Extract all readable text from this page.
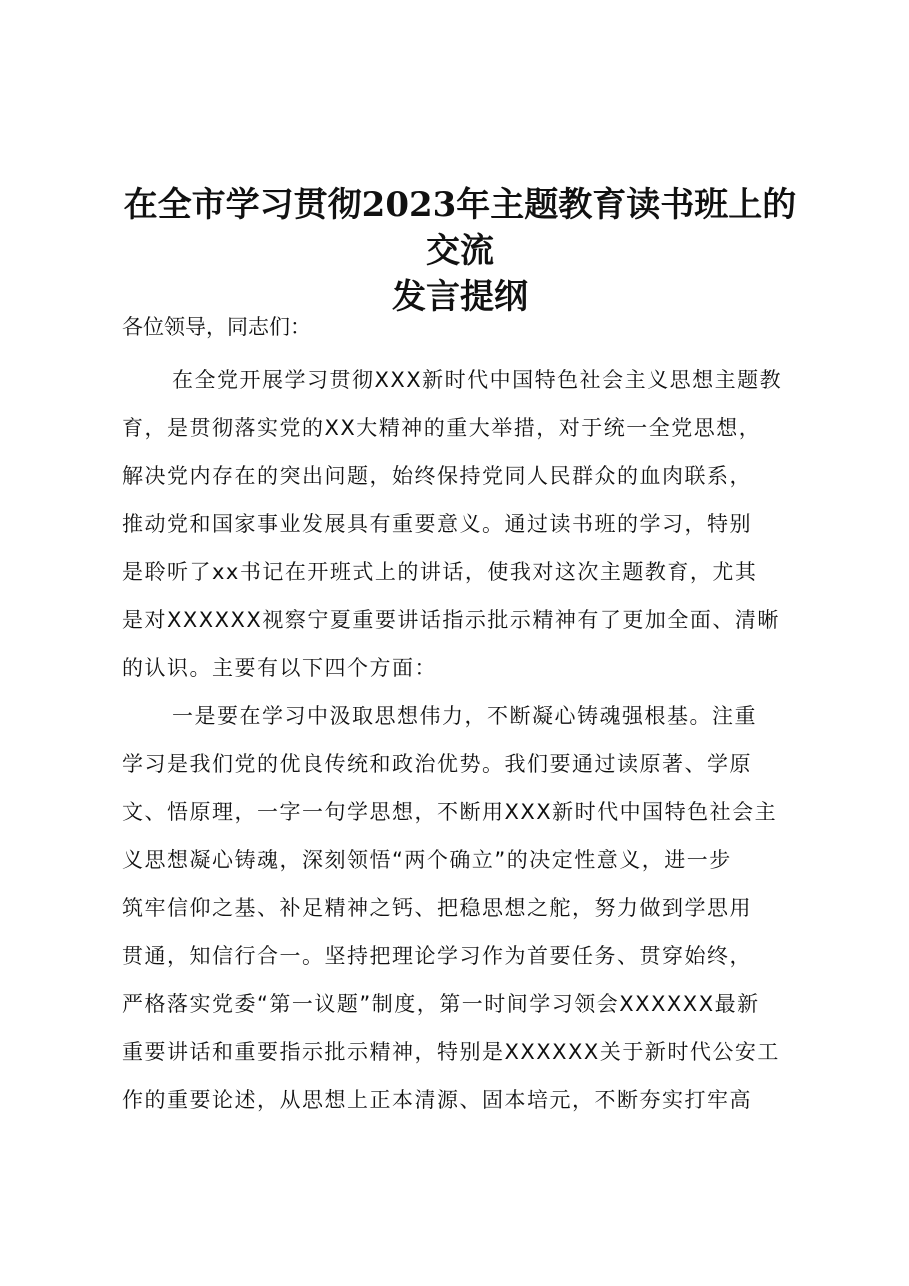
在全市学习贯彻2023年主题教育读书班上的交流
发言提纲

各位领导，同志们：

在全党开展学习贯彻XXX新时代中国特色社会主义思想主题教
育，是贯彻落实党的XX大精神的重大举措，对于统一全党思想，
解决党内存在的突出问题，始终保持党同人民群众的血肉联系，
推动党和国家事业发展具有重要意义。通过读书班的学习，特别
是聆听了xx书记在开班式上的讲话，使我对这次主题教育，尤其
是对XXXXXX视察宁夏重要讲话指示批示精神有了更加全面、清晰
的认识。主要有以下四个方面：
一是要在学习中汲取思想伟力，不断凝心铸魂强根基。注重
学习是我们党的优良传统和政治优势。我们要通过读原著、学原
文、悟原理，一字一句学思想，不断用XXX新时代中国特色社会主
义思想凝心铸魂，深刻领悟“两个确立”的决定性意义，进一步
筑牢信仰之基、补足精神之钙、把稳思想之舵，努力做到学思用
贯通，知信行合一。坚持把理论学习作为首要任务、贯穿始终，
严格落实党委“第一议题”制度，第一时间学习领会XXXXXX最新
重要讲话和重要指示批示精神，特别是XXXXXX关于新时代公安工
作的重要论述，从思想上正本清源、固本培元，不断夯实打牢高
